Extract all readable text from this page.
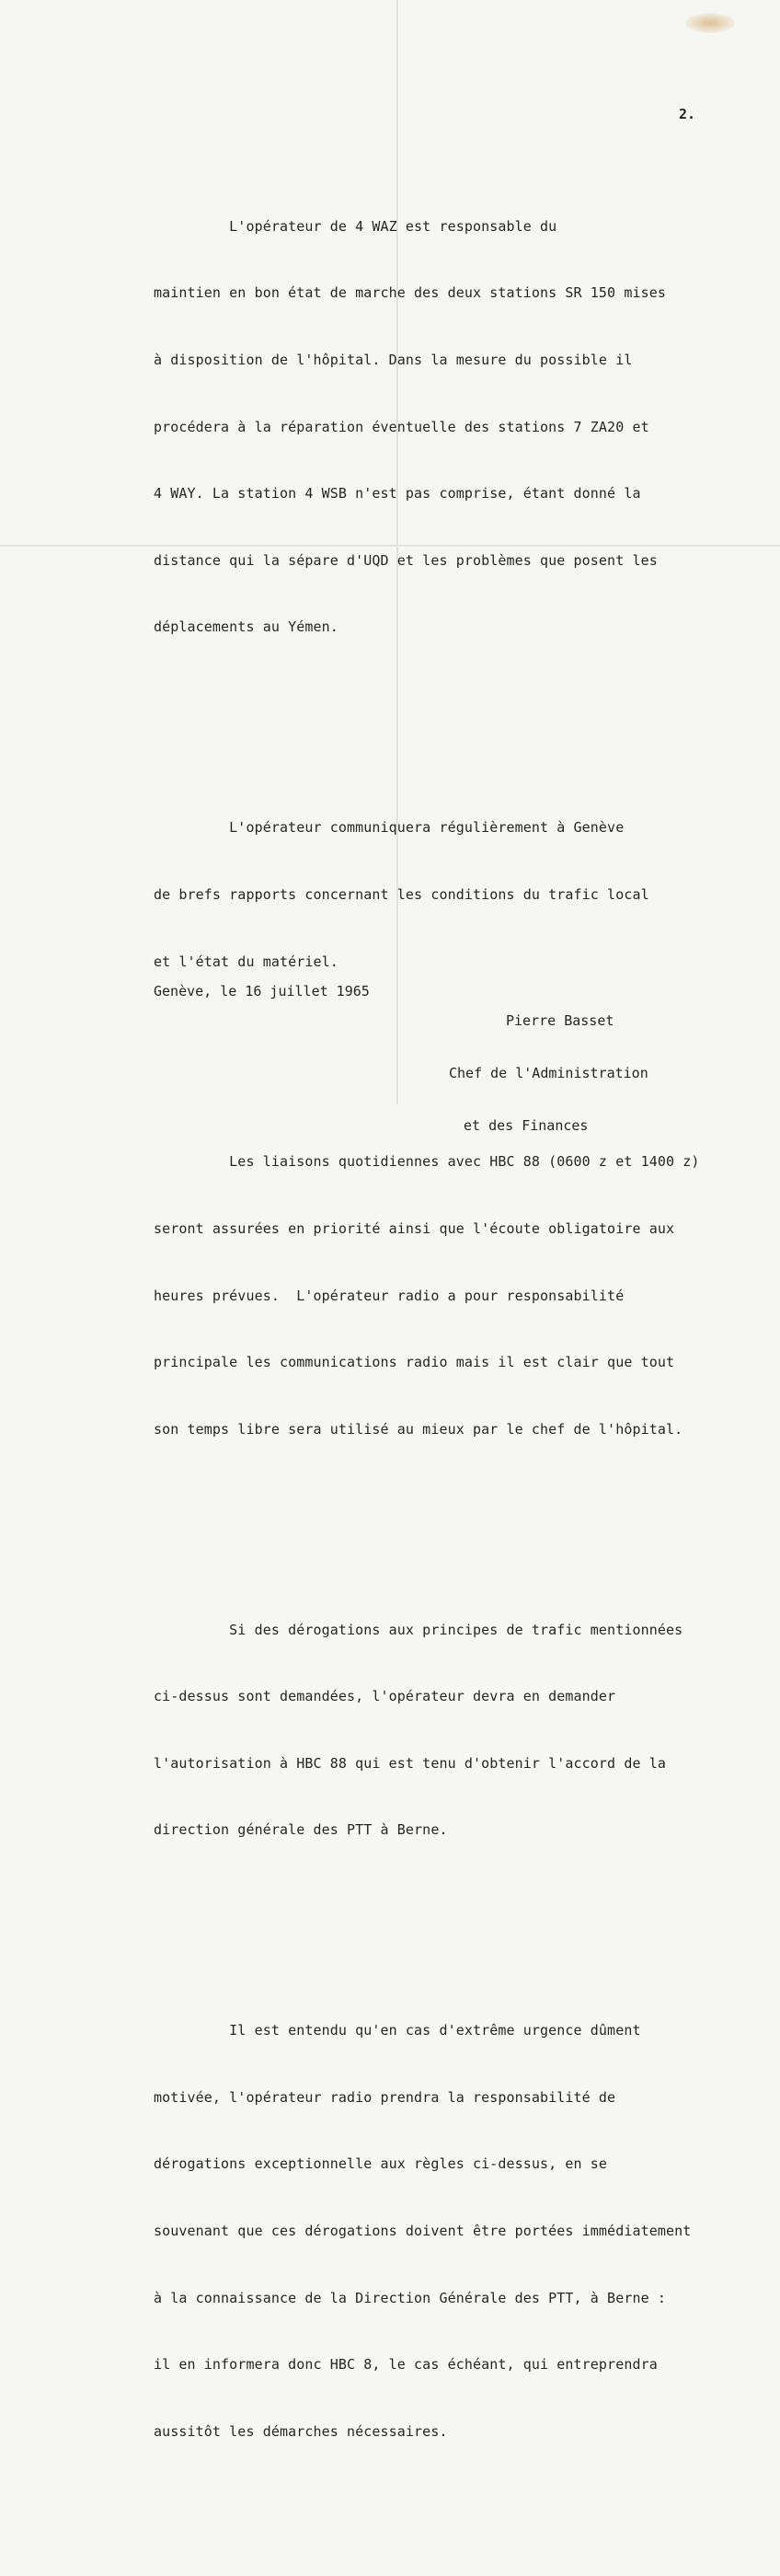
2.

L'opérateur de 4 WAZ est responsable du

maintien en bon état de marche des deux stations SR 150 mises

à disposition de l'hôpital. Dans la mesure du possible il

procédera à la réparation éventuelle des stations 7 ZA20 et

4 WAY. La station 4 WSB n'est pas comprise, étant donné la

distance qui la sépare d'UQD et les problèmes que posent les

déplacements au Yémen.

L'opérateur communiquera régulièrement à Genève

de brefs rapports concernant les conditions du trafic local

et l'état du matériel.

Les liaisons quotidiennes avec HBC 88 (0600 z et 1400 z)

seront assurées en priorité ainsi que l'écoute obligatoire aux

heures prévues.  L'opérateur radio a pour responsabilité

principale les communications radio mais il est clair que tout

son temps libre sera utilisé au mieux par le chef de l'hôpital.

Si des dérogations aux principes de trafic mentionnées

ci-dessus sont demandées, l'opérateur devra en demander

l'autorisation à HBC 88 qui est tenu d'obtenir l'accord de la

direction générale des PTT à Berne.

Il est entendu qu'en cas d'extrême urgence dûment

motivée, l'opérateur radio prendra la responsabilité de

dérogations exceptionnelle aux règles ci-dessus, en se

souvenant que ces dérogations doivent être portées immédiatement

à la connaissance de la Direction Générale des PTT, à Berne :

il en informera donc HBC 8, le cas échéant, qui entreprendra

aussitôt les démarches nécessaires.

Genève, le 16 juillet 1965

Pierre Basset

Chef de l'Administration

et des Finances
